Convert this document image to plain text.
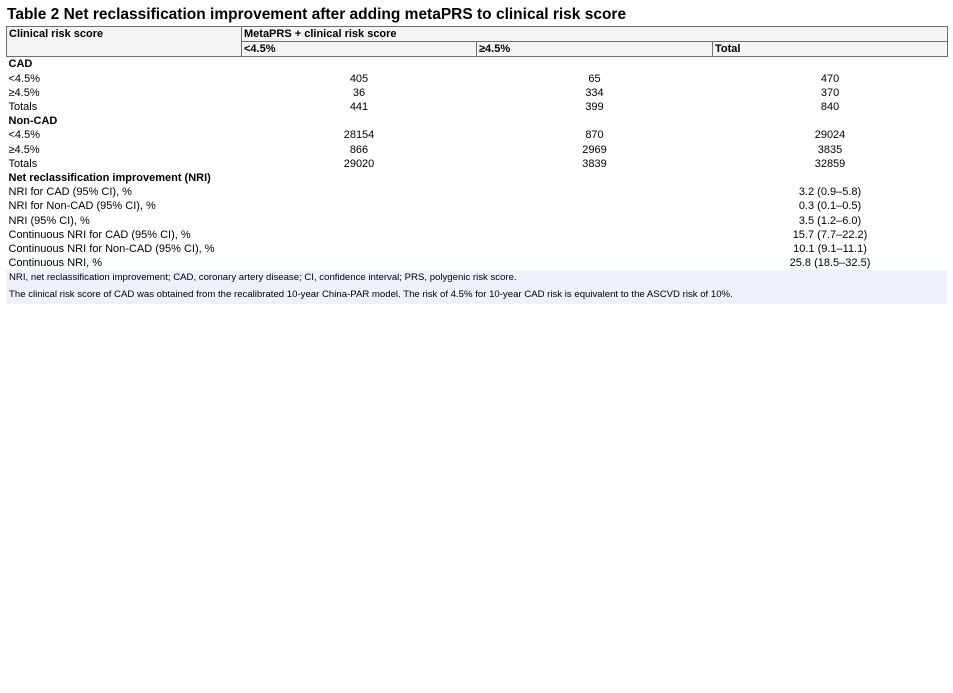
Table 2 Net reclassification improvement after adding metaPRS to clinical risk score
Clinical risk score	MetaPRS + clinical risk score		
	<4.5%	≥4.5%	Total
CAD			
<4.5%	405	65	470
≥4.5%	36	334	370
Totals	441	399	840
Non-CAD			
<4.5%	28154	870	29024
≥4.5%	866	2969	3835
Totals	29020	3839	32859
Net reclassification improvement (NRI)			
NRI for CAD (95% CI), %			3.2 (0.9–5.8)
NRI for Non-CAD (95% CI), %			0.3 (0.1–0.5)
NRI (95% CI), %			3.5 (1.2–6.0)
Continuous NRI for CAD (95% CI), %			15.7 (7.7–22.2)
Continuous NRI for Non-CAD (95% CI), %			10.1 (9.1–11.1)
Continuous NRI, %			25.8 (18.5–32.5)
NRI, net reclassification improvement; CAD, coronary artery disease; CI, confidence interval; PRS, polygenic risk score.
The clinical risk score of CAD was obtained from the recalibrated 10-year China-PAR model. The risk of 4.5% for 10-year CAD risk is equivalent to the ASCVD risk of 10%.
